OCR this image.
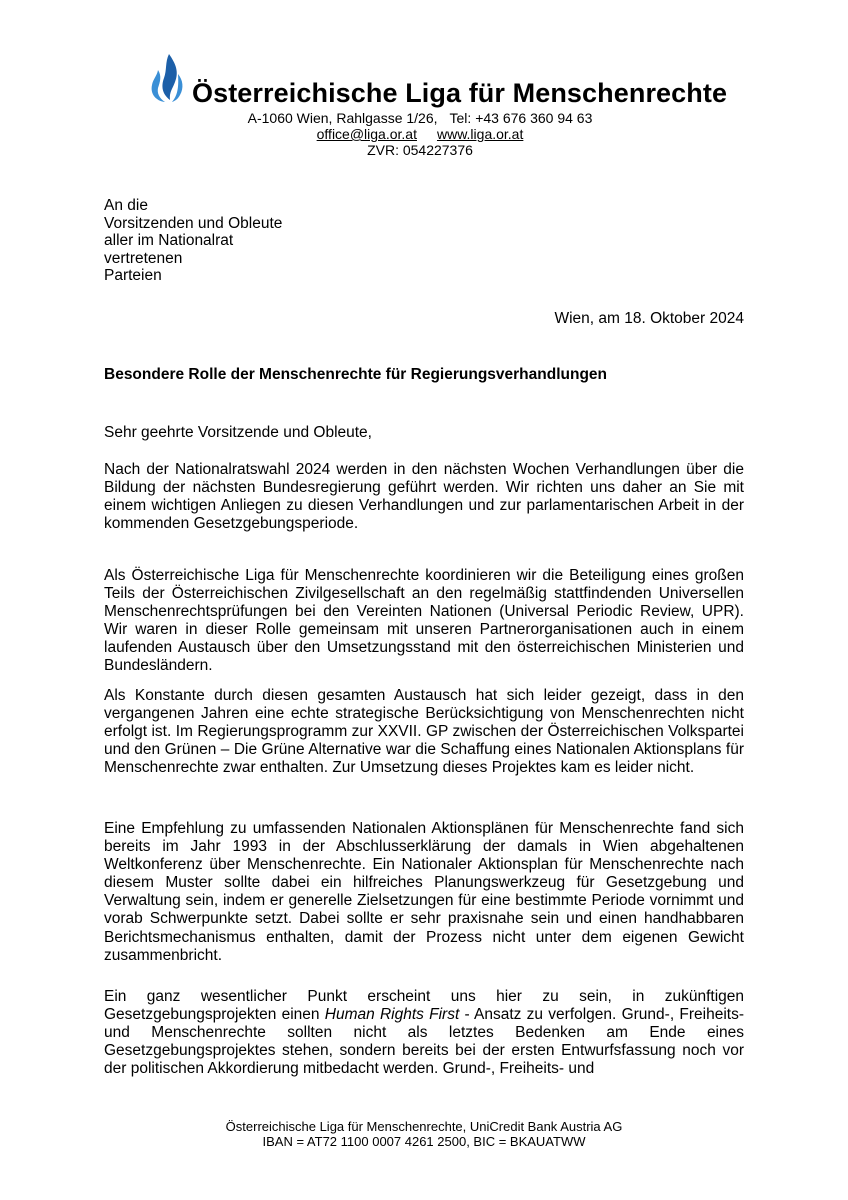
Österreichische Liga für Menschenrechte
A-1060 Wien, Rahlgasse 1/26, Tel: +43 676 360 94 63
office@liga.or.at www.liga.or.at
ZVR: 054227376
An die
Vorsitzenden und Obleute
aller im Nationalrat
vertretenen
Parteien
Wien, am 18. Oktober 2024
Besondere Rolle der Menschenrechte für Regierungsverhandlungen
Sehr geehrte Vorsitzende und Obleute,
Nach der Nationalratswahl 2024 werden in den nächsten Wochen Verhandlungen über die Bildung der nächsten Bundesregierung geführt werden. Wir richten uns daher an Sie mit einem wichtigen Anliegen zu diesen Verhandlungen und zur parlamentarischen Arbeit in der kommenden Gesetzgebungsperiode.
Als Österreichische Liga für Menschenrechte koordinieren wir die Beteiligung eines großen Teils der Österreichischen Zivilgesellschaft an den regelmäßig stattfindenden Universellen Menschenrechtsprüfungen bei den Vereinten Nationen (Universal Periodic Review, UPR). Wir waren in dieser Rolle gemeinsam mit unseren Partnerorganisationen auch in einem laufenden Austausch über den Umsetzungsstand mit den österreichischen Ministerien und Bundesländern.
Als Konstante durch diesen gesamten Austausch hat sich leider gezeigt, dass in den vergangenen Jahren eine echte strategische Berücksichtigung von Menschenrechten nicht erfolgt ist. Im Regierungsprogramm zur XXVII. GP zwischen der Österreichischen Volkspartei und den Grünen – Die Grüne Alternative war die Schaffung eines Nationalen Aktionsplans für Menschenrechte zwar enthalten. Zur Umsetzung dieses Projektes kam es leider nicht.
Eine Empfehlung zu umfassenden Nationalen Aktionsplänen für Menschenrechte fand sich bereits im Jahr 1993 in der Abschlusserklärung der damals in Wien abgehaltenen Weltkonferenz über Menschenrechte. Ein Nationaler Aktionsplan für Menschenrechte nach diesem Muster sollte dabei ein hilfreiches Planungswerkzeug für Gesetzgebung und Verwaltung sein, indem er generelle Zielsetzungen für eine bestimmte Periode vornimmt und vorab Schwerpunkte setzt. Dabei sollte er sehr praxisnahe sein und einen handhabbaren Berichtsmechanismus enthalten, damit der Prozess nicht unter dem eigenen Gewicht zusammenbricht.
Ein ganz wesentlicher Punkt erscheint uns hier zu sein, in zukünftigen Gesetzgebungsprojekten einen Human Rights First - Ansatz zu verfolgen. Grund-, Freiheits- und Menschenrechte sollten nicht als letztes Bedenken am Ende eines Gesetzgebungsprojektes stehen, sondern bereits bei der ersten Entwurfsfassung noch vor der politischen Akkordierung mitbedacht werden. Grund-, Freiheits- und
Österreichische Liga für Menschenrechte, UniCredit Bank Austria AG
IBAN = AT72 1100 0007 4261 2500, BIC = BKAUATWW
